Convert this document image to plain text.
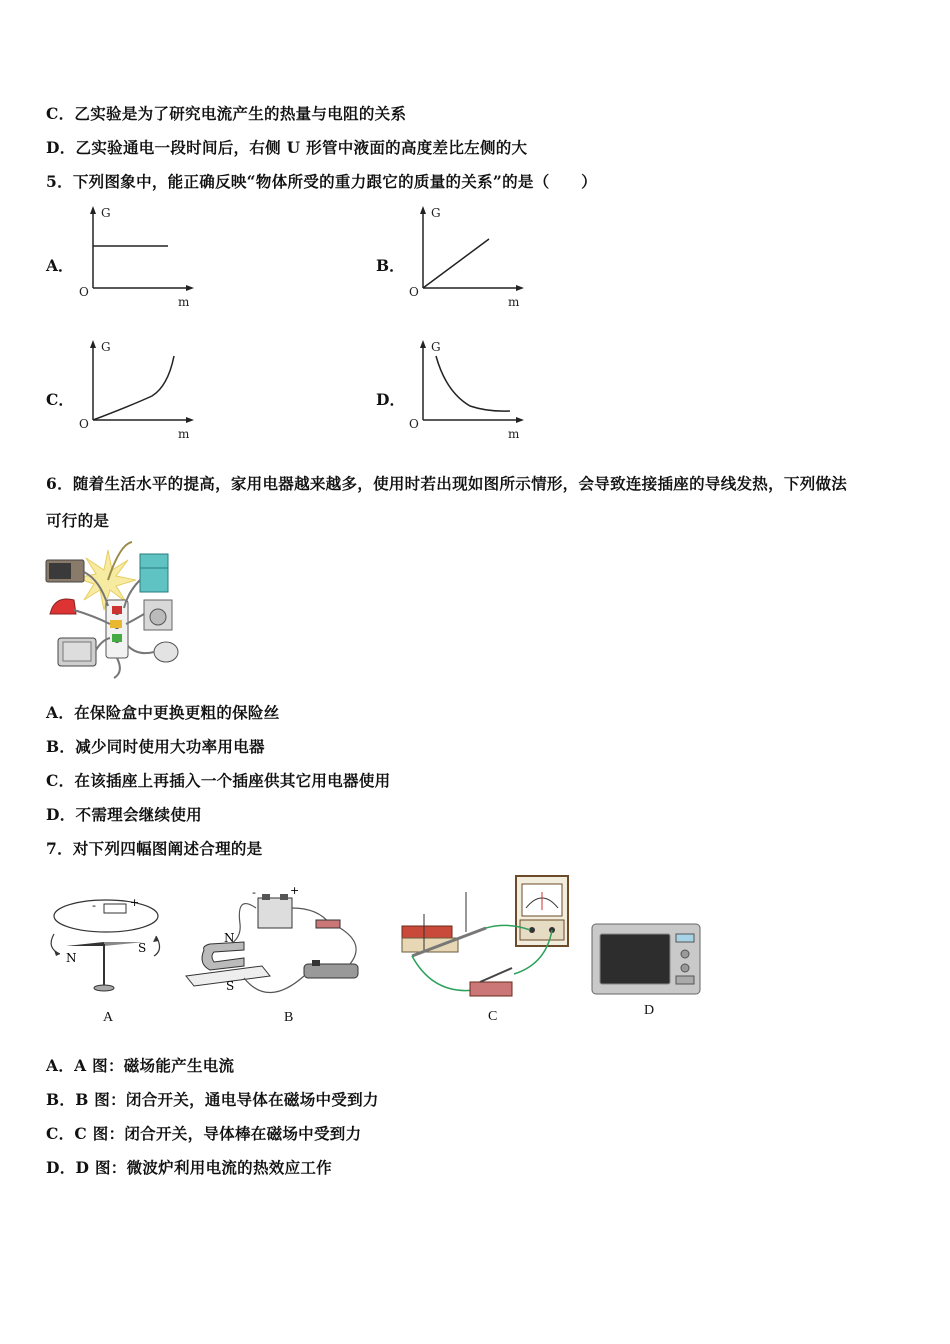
C．乙实验是为了研究电流产生的热量与电阻的关系
D．乙实验通电一段时间后，右侧 U 形管中液面的高度差比左侧的大
5．下列图象中，能正确反映“物体所受的重力跟它的质量的关系”的是（　　）
A．
G
m
O
B．
G
m
O
C．
G
m
O
D．
G
m
O
6．随着生活水平的提高，家用电器越来越多，使用时若出现如图所示情形，会导致连接插座的导线发热，下列做法
可行的是
A．在保险盒中更换更粗的保险丝
B．减少同时使用大功率用电器
C．在该插座上再插入一个插座供其它用电器使用
D．不需理会继续使用
7．对下列四幅图阐述合理的是
-	+
N
S
A
-	+
N
S
B	C	D
A．A 图：磁场能产生电流
B．B 图：闭合开关，通电导体在磁场中受到力
C．C 图：闭合开关，导体棒在磁场中受到力
D．D 图：微波炉利用电流的热效应工作
